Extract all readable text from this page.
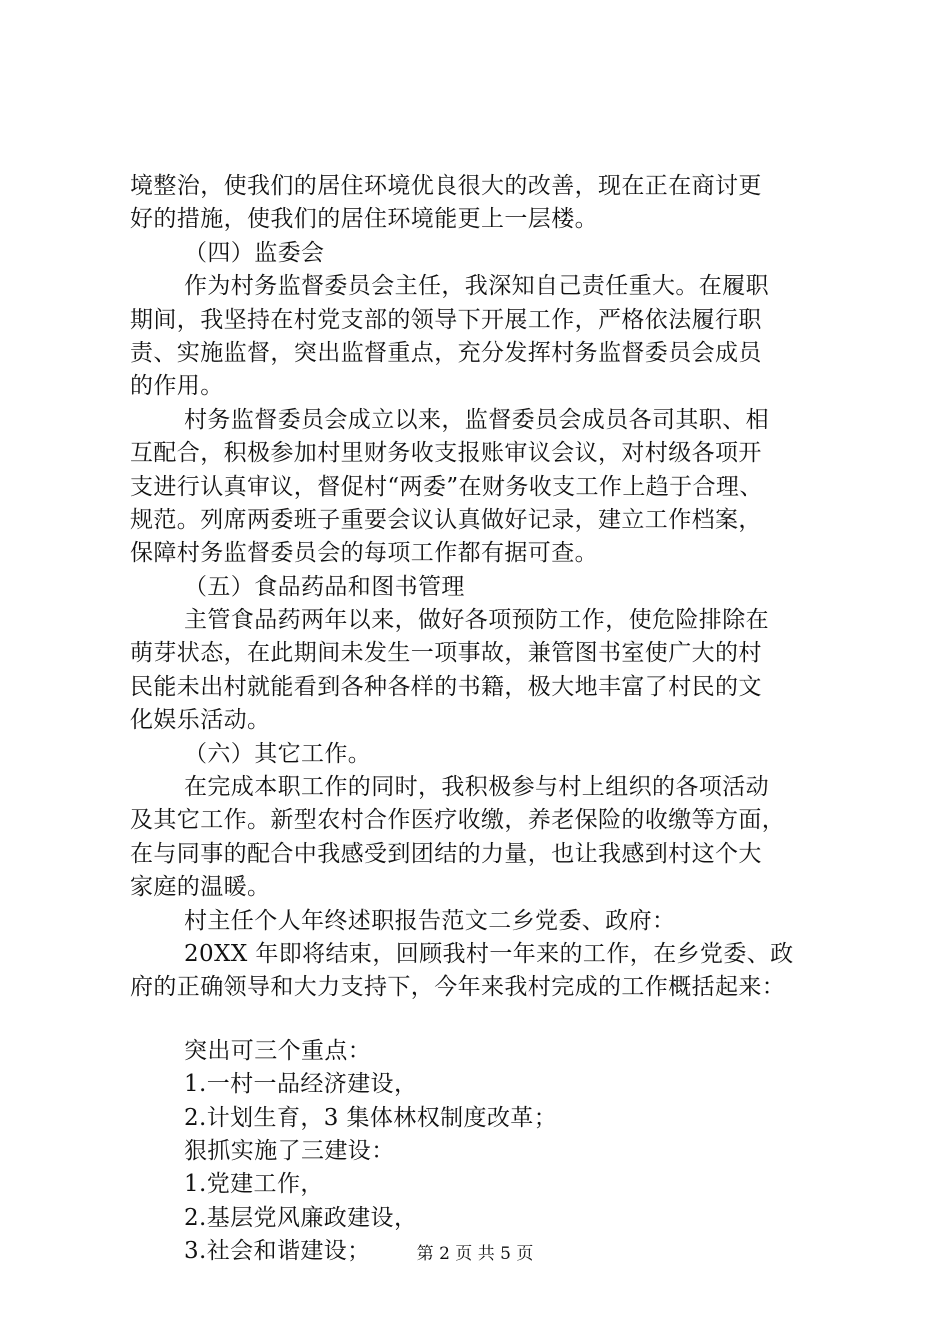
境整治，使我们的居住环境优良很大的改善，现在正在商讨更
好的措施，使我们的居住环境能更上一层楼。
（四）监委会
作为村务监督委员会主任，我深知自己责任重大。在履职
期间，我坚持在村党支部的领导下开展工作，严格依法履行职
责、实施监督，突出监督重点，充分发挥村务监督委员会成员
的作用。
村务监督委员会成立以来，监督委员会成员各司其职、相
互配合，积极参加村里财务收支报账审议会议，对村级各项开
支进行认真审议，督促村“两委”在财务收支工作上趋于合理、
规范。列席两委班子重要会议认真做好记录，建立工作档案，
保障村务监督委员会的每项工作都有据可查。
（五）食品药品和图书管理
主管食品药两年以来，做好各项预防工作，使危险排除在
萌芽状态，在此期间未发生一项事故，兼管图书室使广大的村
民能未出村就能看到各种各样的书籍，极大地丰富了村民的文
化娱乐活动。
（六）其它工作。
在完成本职工作的同时，我积极参与村上组织的各项活动
及其它工作。新型农村合作医疗收缴，养老保险的收缴等方面，
在与同事的配合中我感受到团结的力量，也让我感到村这个大
家庭的温暖。
村主任个人年终述职报告范文二乡党委、政府：
20XX 年即将结束，回顾我村一年来的工作，在乡党委、政
府的正确领导和大力支持下，今年来我村完成的工作概括起来：
突出可三个重点：
1.一村一品经济建设，
2.计划生育，3 集体林权制度改革；
狠抓实施了三建设：
1.党建工作，
2.基层党风廉政建设，
3.社会和谐建设；	第 2 页 共 5 页
